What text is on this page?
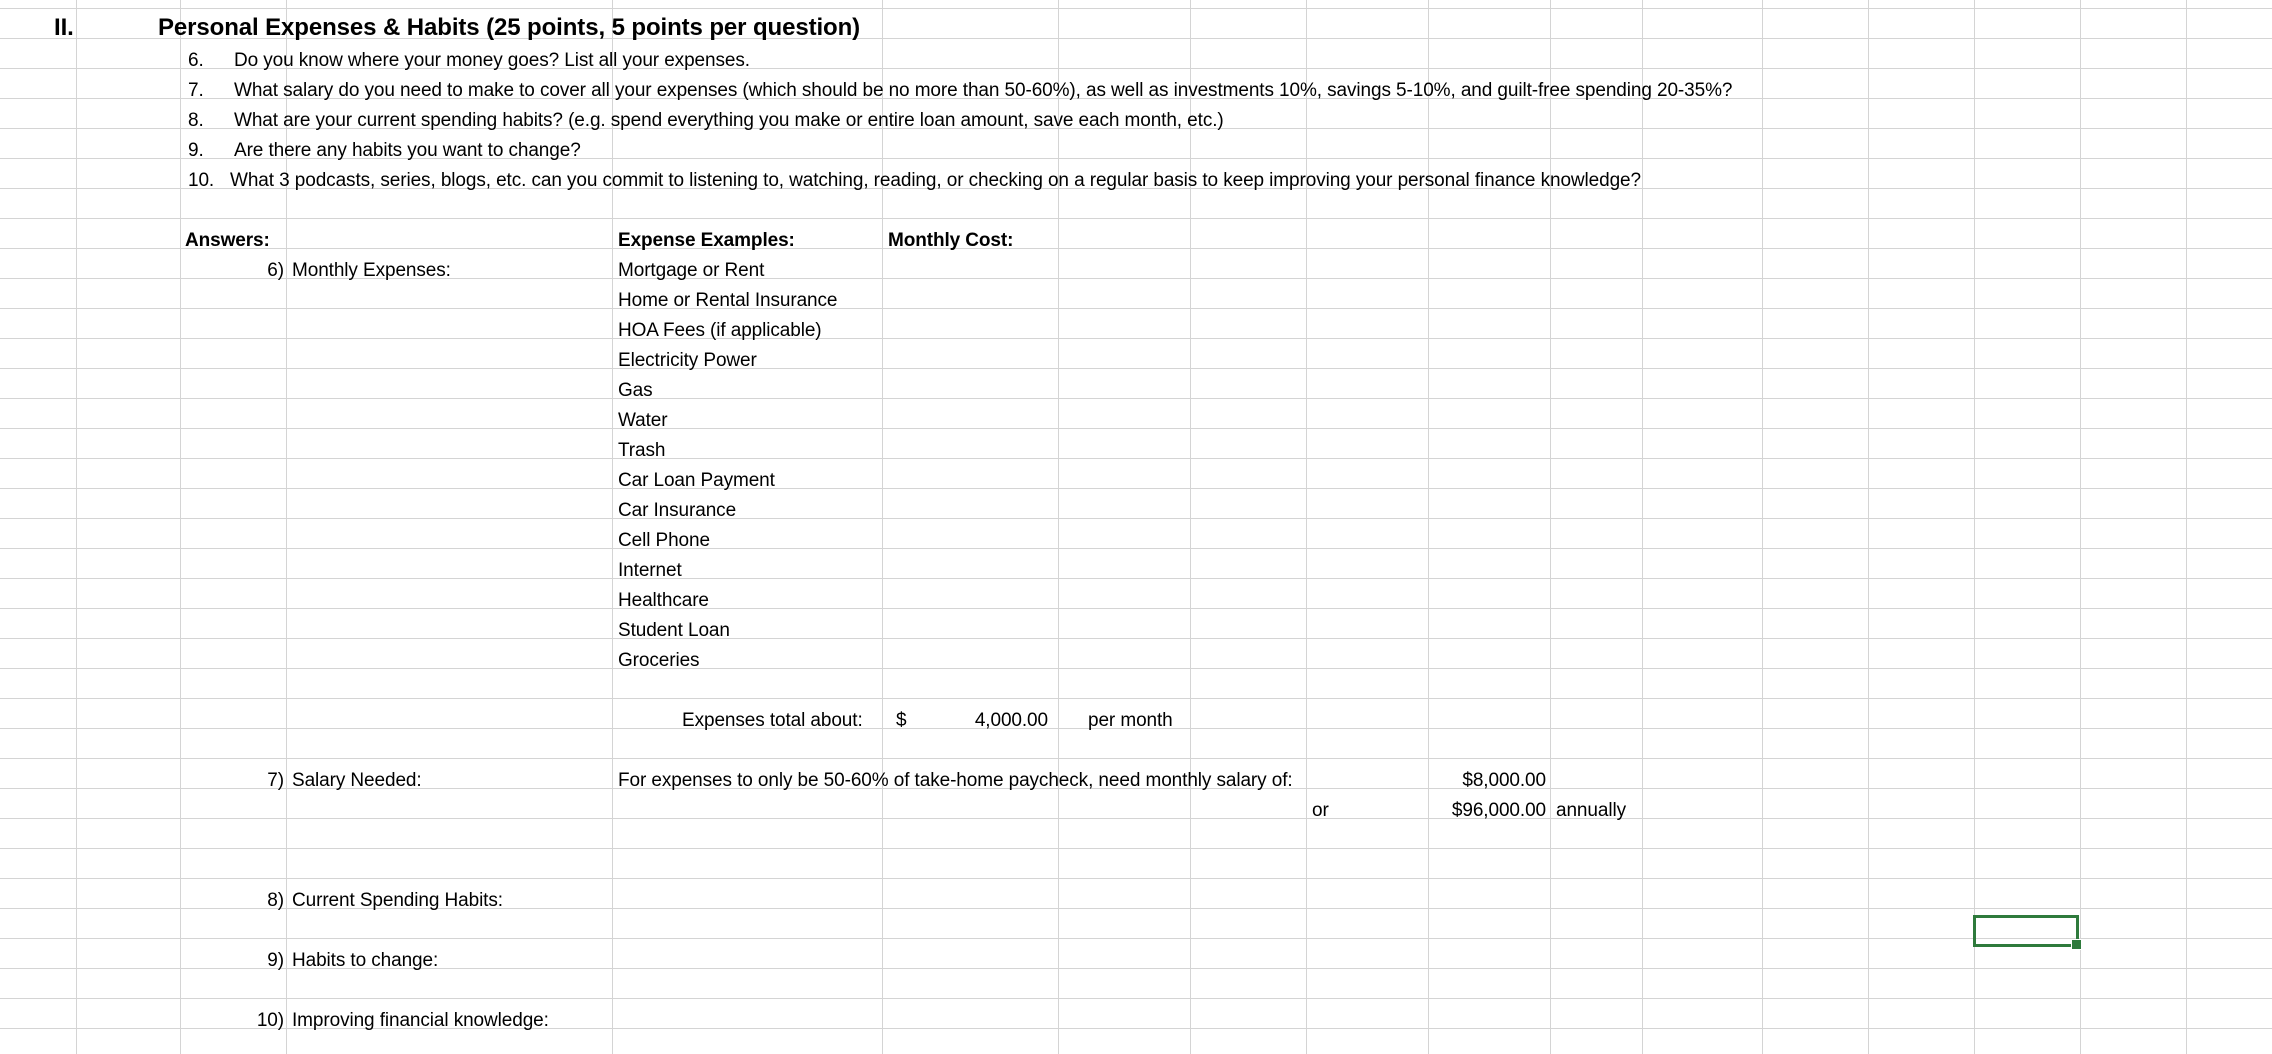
II.	Personal Expenses & Habits (25 points, 5 points per question)
6. Do you know where your money goes? List all your expenses.
7. What salary do you need to make to cover all your expenses (which should be no more than 50-60%), as well as investments 10%, savings 5-10%, and guilt-free spending 20-35%?
8. What are your current spending habits? (e.g. spend everything you make or entire loan amount, save each month, etc.)
9. Are there any habits you want to change?
10. What 3 podcasts, series, blogs, etc. can you commit to listening to, watching, reading, or checking on a regular basis to keep improving your personal finance knowledge?
Answers:	Expense Examples:	Monthly Cost:
6) Monthly Expenses:	Mortgage or Rent
Home or Rental Insurance
HOA Fees (if applicable)
Electricity Power
Gas
Water
Trash
Car Loan Payment
Car Insurance
Cell Phone
Internet
Healthcare
Student Loan
Groceries
Expenses total about: $	4,000.00 per month
7) Salary Needed:	For expenses to only be 50-60% of take-home paycheck, need monthly salary of:	$8,000.00
or	$96,000.00 annually
8) Current Spending Habits:
9) Habits to change:
10) Improving financial knowledge:
